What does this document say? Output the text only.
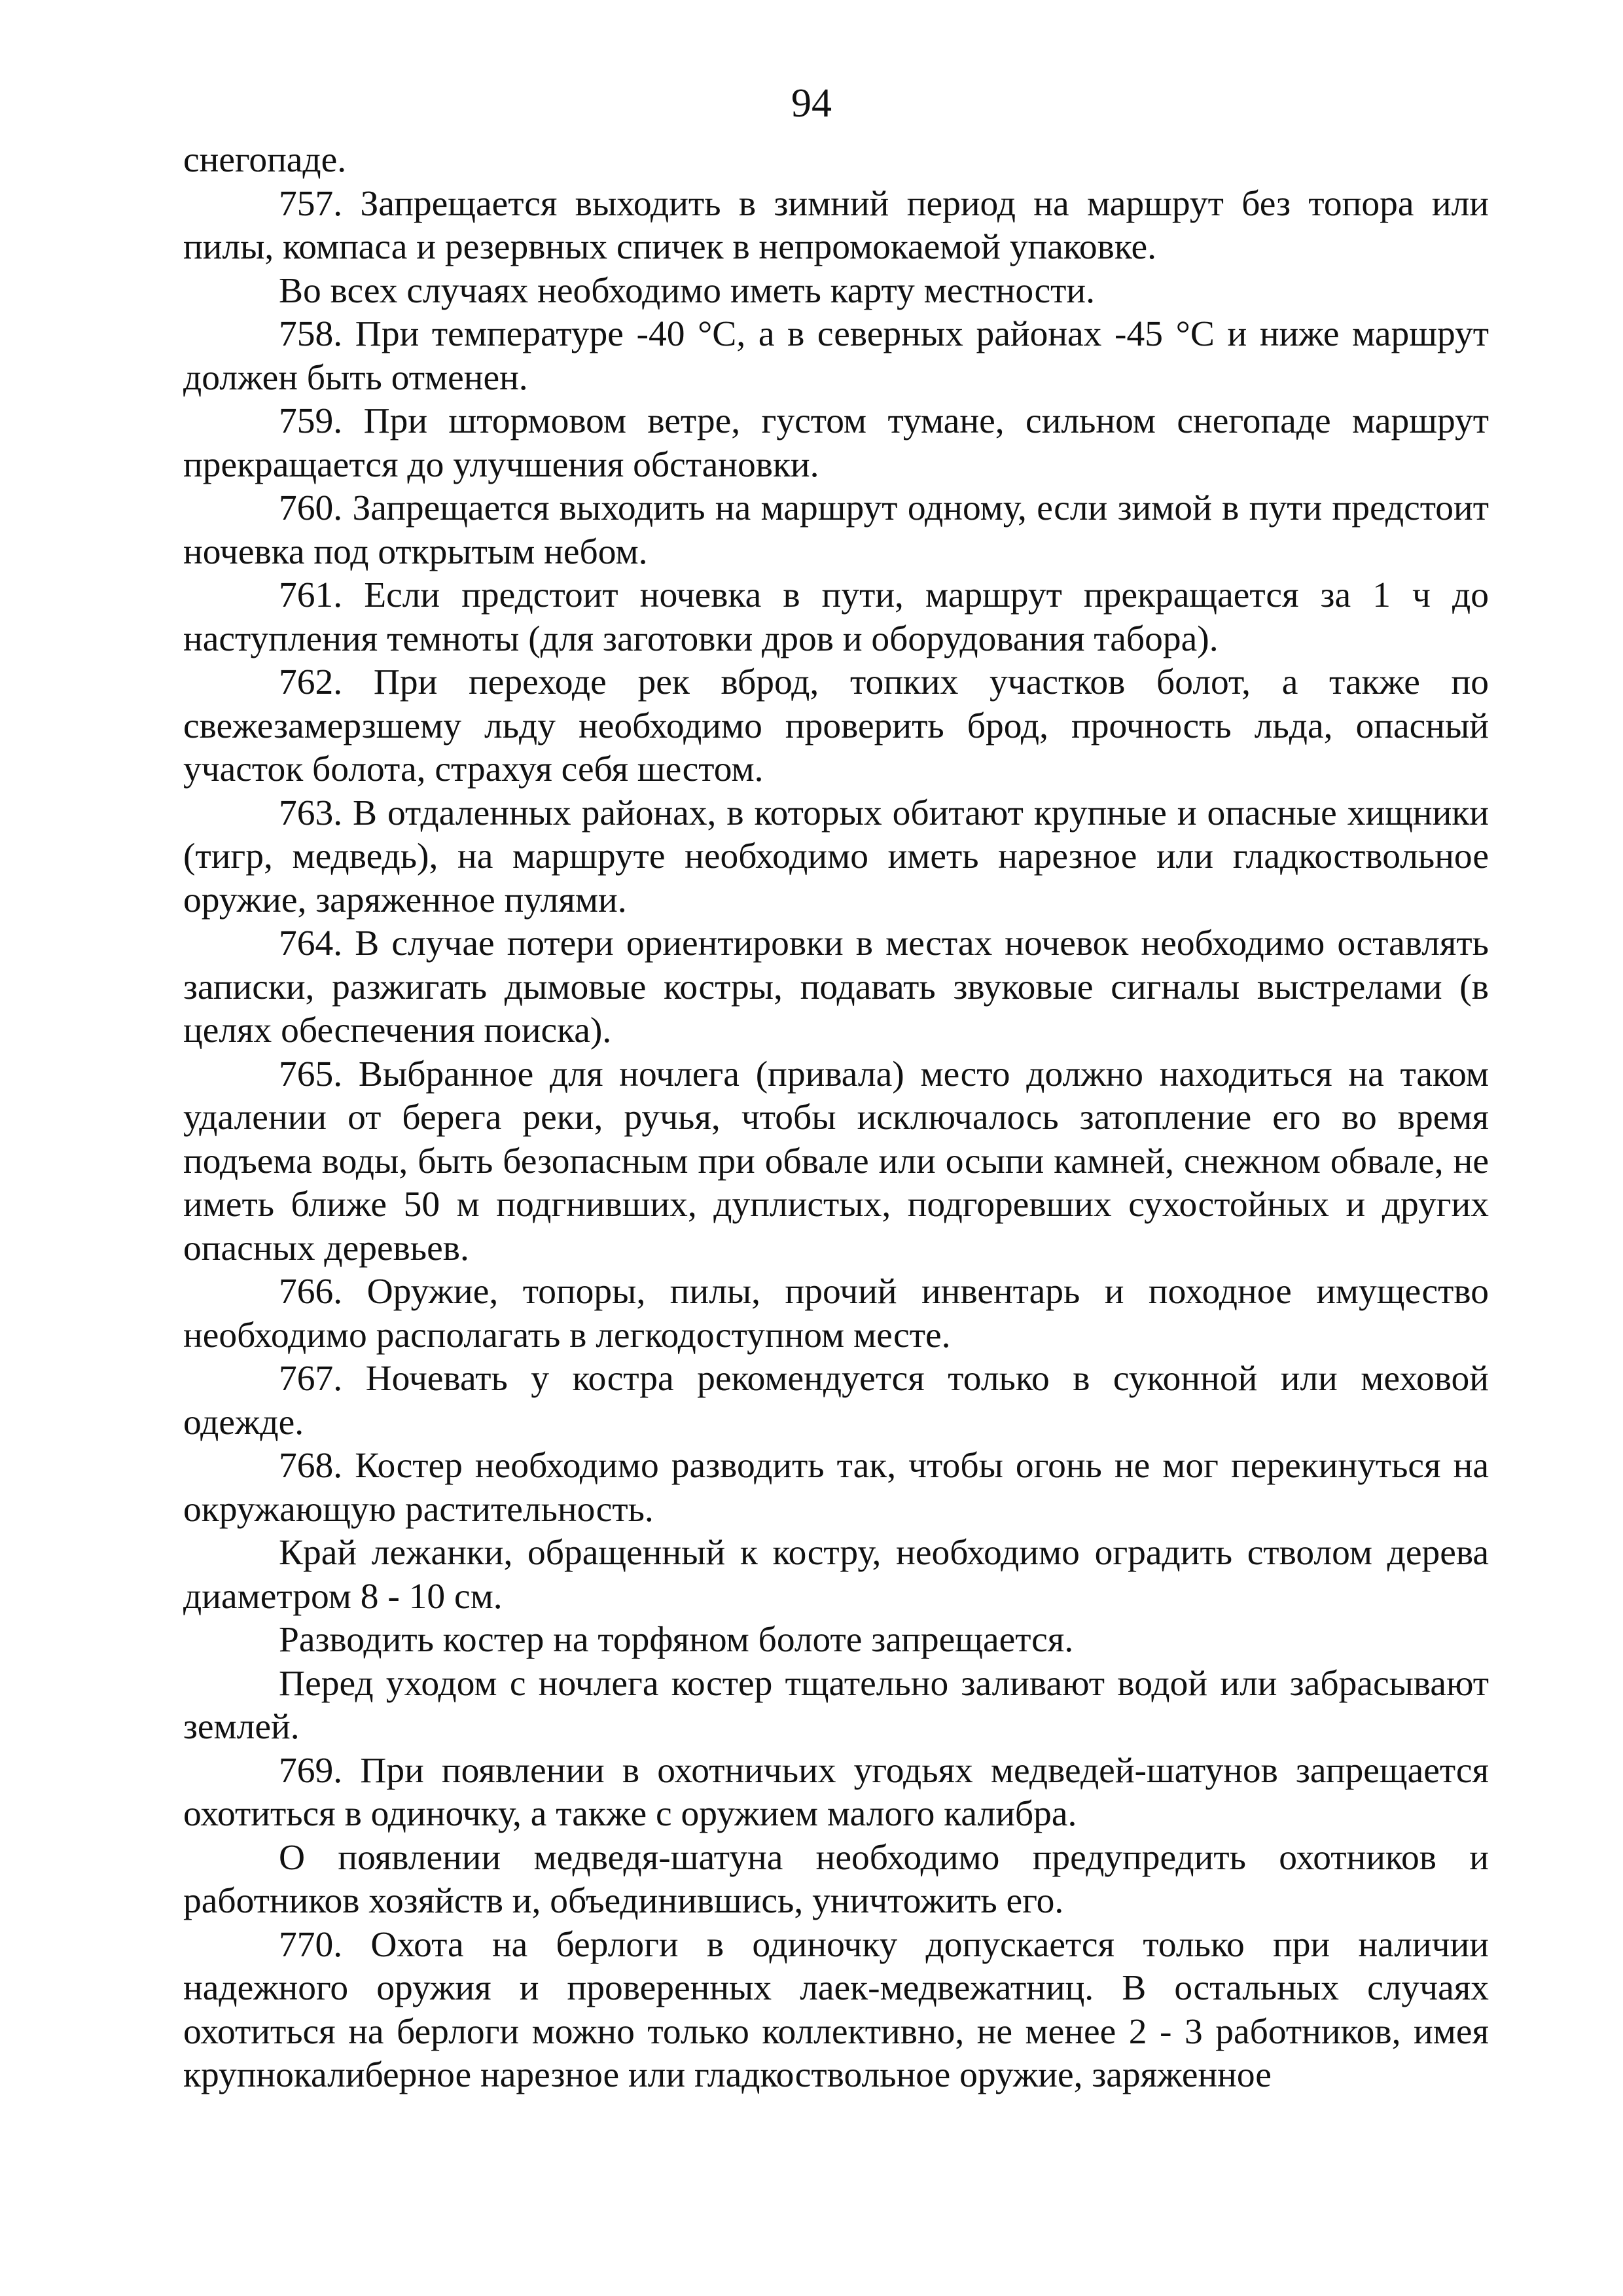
94

снегопаде.

757. Запрещается выходить в зимний период на маршрут без топора или пилы, компаса и резервных спичек в непромокаемой упаковке.

Во всех случаях необходимо иметь карту местности.

758. При температуре -40 °С, а в северных районах -45 °С и ниже маршрут должен быть отменен.

759. При штормовом ветре, густом тумане, сильном снегопаде маршрут прекращается до улучшения обстановки.

760. Запрещается выходить на маршрут одному, если зимой в пути предстоит ночевка под открытым небом.

761. Если предстоит ночевка в пути, маршрут прекращается за 1 ч до наступления темноты (для заготовки дров и оборудования табора).

762. При переходе рек вброд, топких участков болот, а также по свежезамерзшему льду необходимо проверить брод, прочность льда, опасный участок болота, страхуя себя шестом.

763. В отдаленных районах, в которых обитают крупные и опасные хищники (тигр, медведь), на маршруте необходимо иметь нарезное или гладкоствольное оружие, заряженное пулями.

764. В случае потери ориентировки в местах ночевок необходимо оставлять записки, разжигать дымовые костры, подавать звуковые сигналы выстрелами (в целях обеспечения поиска).

765. Выбранное для ночлега (привала) место должно находиться на таком удалении от берега реки, ручья, чтобы исключалось затопление его во время подъема воды, быть безопасным при обвале или осыпи камней, снежном обвале, не иметь ближе 50 м подгнивших, дуплистых, подгоревших сухостойных и других опасных деревьев.

766. Оружие, топоры, пилы, прочий инвентарь и походное имущество необходимо располагать в легкодоступном месте.

767. Ночевать у костра рекомендуется только в суконной или меховой одежде.

768. Костер необходимо разводить так, чтобы огонь не мог перекинуться на окружающую растительность.

Край лежанки, обращенный к костру, необходимо оградить стволом дерева диаметром 8 - 10 см.

Разводить костер на торфяном болоте запрещается.

Перед уходом с ночлега костер тщательно заливают водой или забрасывают землей.

769. При появлении в охотничьих угодьях медведей-шатунов запрещается охотиться в одиночку, а также с оружием малого калибра.

О появлении медведя-шатуна необходимо предупредить охотников и работников хозяйств и, объединившись, уничтожить его.

770. Охота на берлоги в одиночку допускается только при наличии надежного оружия и проверенных лаек-медвежатниц. В остальных случаях охотиться на берлоги можно только коллективно, не менее 2 - 3 работников, имея крупнокалиберное нарезное или гладкоствольное оружие, заряженное
